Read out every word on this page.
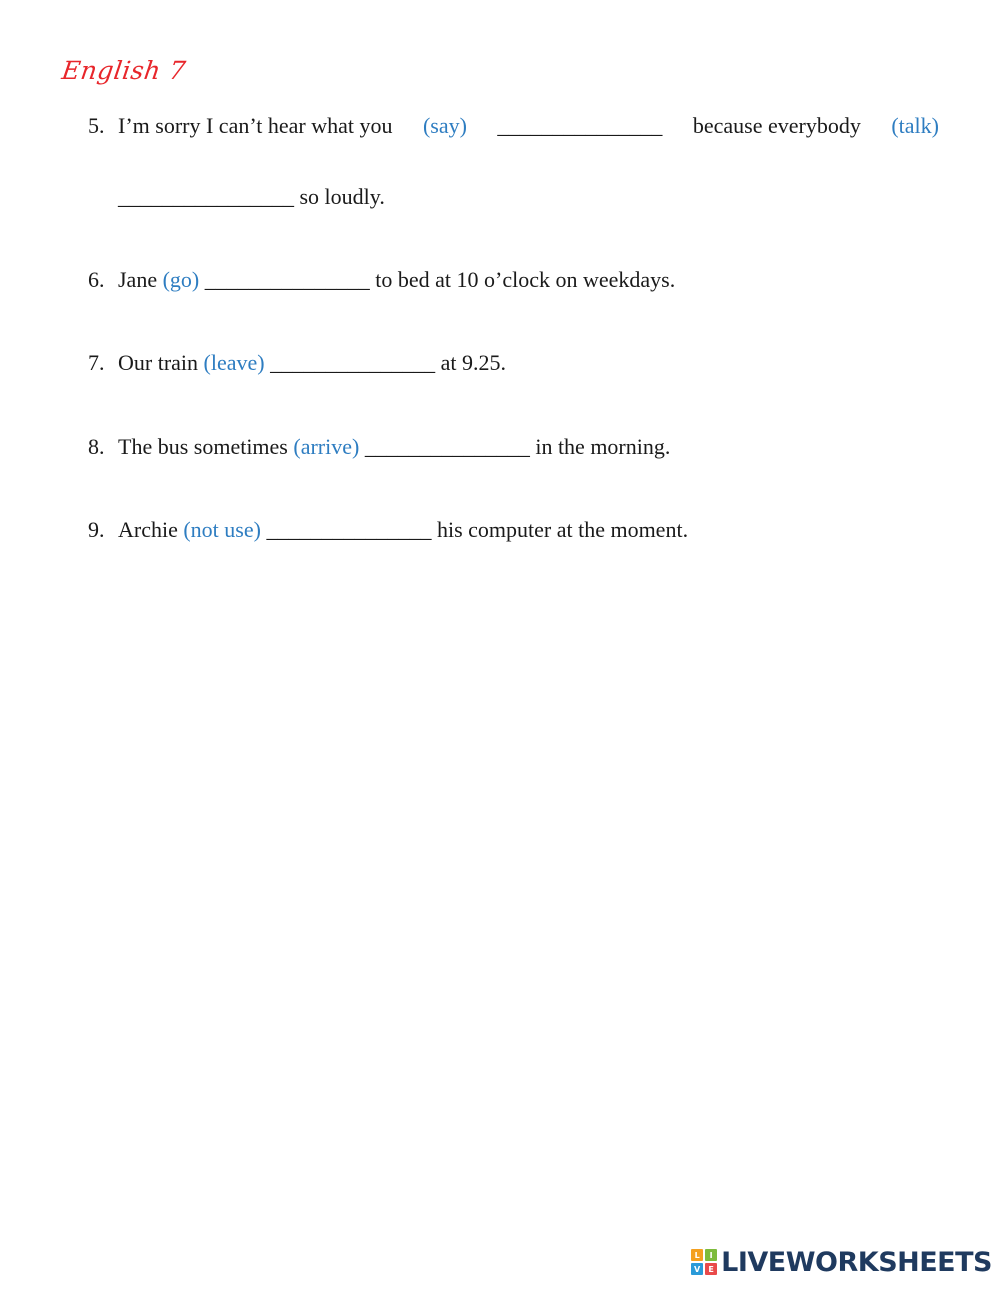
English 7
5. I’m sorry I can’t hear what you (say) _______________ because everybody (talk)
________________ so loudly.
6. Jane (go) _______________ to bed at 10 o’clock on weekdays.
7. Our train (leave) _______________ at 9.25.
8. The bus sometimes (arrive) _______________ in the morning.
9. Archie (not use) _______________ his computer at the moment.
L	I
V	E LIVEWORKSHEETS
